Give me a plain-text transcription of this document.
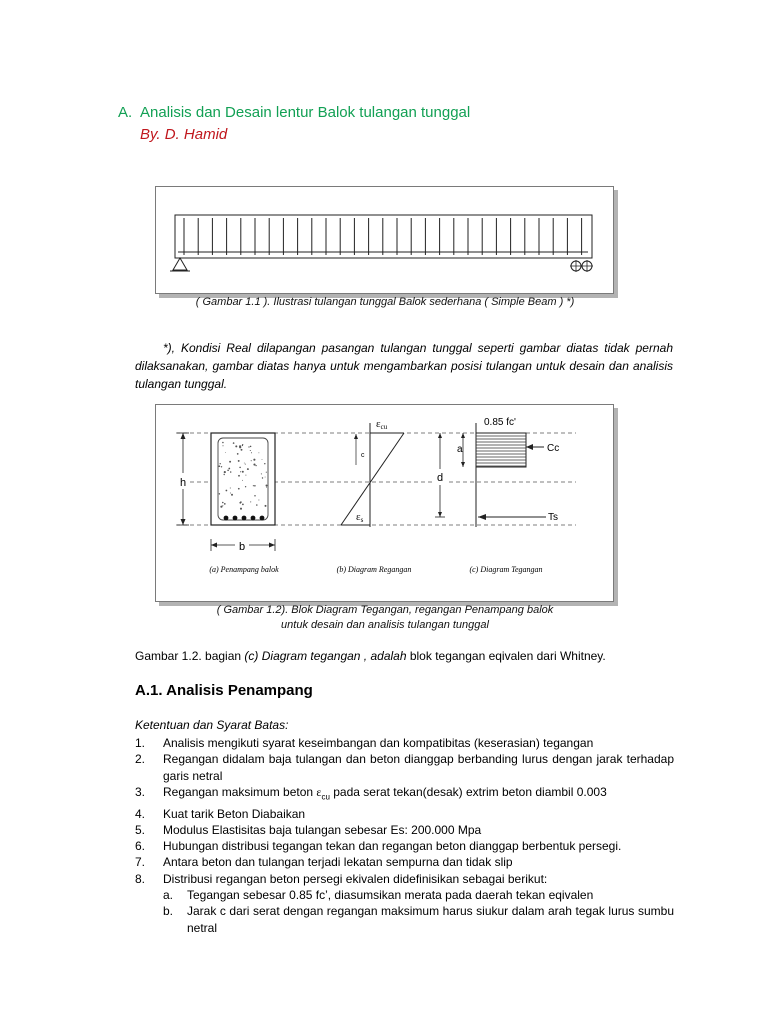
A. Analisis dan Desain lentur Balok tulangan tunggal
By. D. Hamid
( Gambar 1.1 ). Ilustrasi tulangan tunggal Balok sederhana ( Simple Beam ) *)

*), Kondisi Real dilapangan pasangan tulangan tunggal seperti gambar diatas tidak pernah dilaksanakan, gambar diatas hanya untuk mengambarkan posisi tulangan untuk desain dan analisis tulangan tunggal.

h
b
εcu
c
εs
0.85 fc'
a
d
Cc
Ts
(a) Penampang balok	(b) Diagram Regangan	(c) Diagram Tegangan
( Gambar 1.2). Blok Diagram Tegangan, regangan Penampang balok
untuk desain dan analisis tulangan tunggal
Gambar 1.2. bagian (c) Diagram tegangan , adalah blok tegangan eqivalen dari Whitney.
A.1. Analisis Penampang
Ketentuan dan Syarat Batas:
1.	Analisis mengikuti syarat keseimbangan dan kompatibitas (keserasian) tegangan
2.	Regangan didalam baja tulangan dan beton dianggap berbanding lurus dengan jarak terhadap garis netral
3.	Regangan maksimum beton $\varepsilon_{cu}$ pada serat tekan(desak) extrim beton diambil 0.003
4.	Kuat tarik Beton Diabaikan
5.	Modulus Elastisitas baja tulangan sebesar Es: 200.000 Mpa
6.	Hubungan distribusi tegangan tekan dan regangan beton dianggap berbentuk persegi.
7.	Antara beton dan tulangan terjadi lekatan sempurna dan tidak slip
8.	Distribusi regangan beton persegi ekivalen didefinisikan sebagai berikut:
a.	Tegangan sebesar 0.85 fc’, diasumsikan merata pada daerah tekan eqivalen
b.	Jarak c dari serat dengan regangan maksimum harus siukur dalam arah tegak lurus sumbu netral
